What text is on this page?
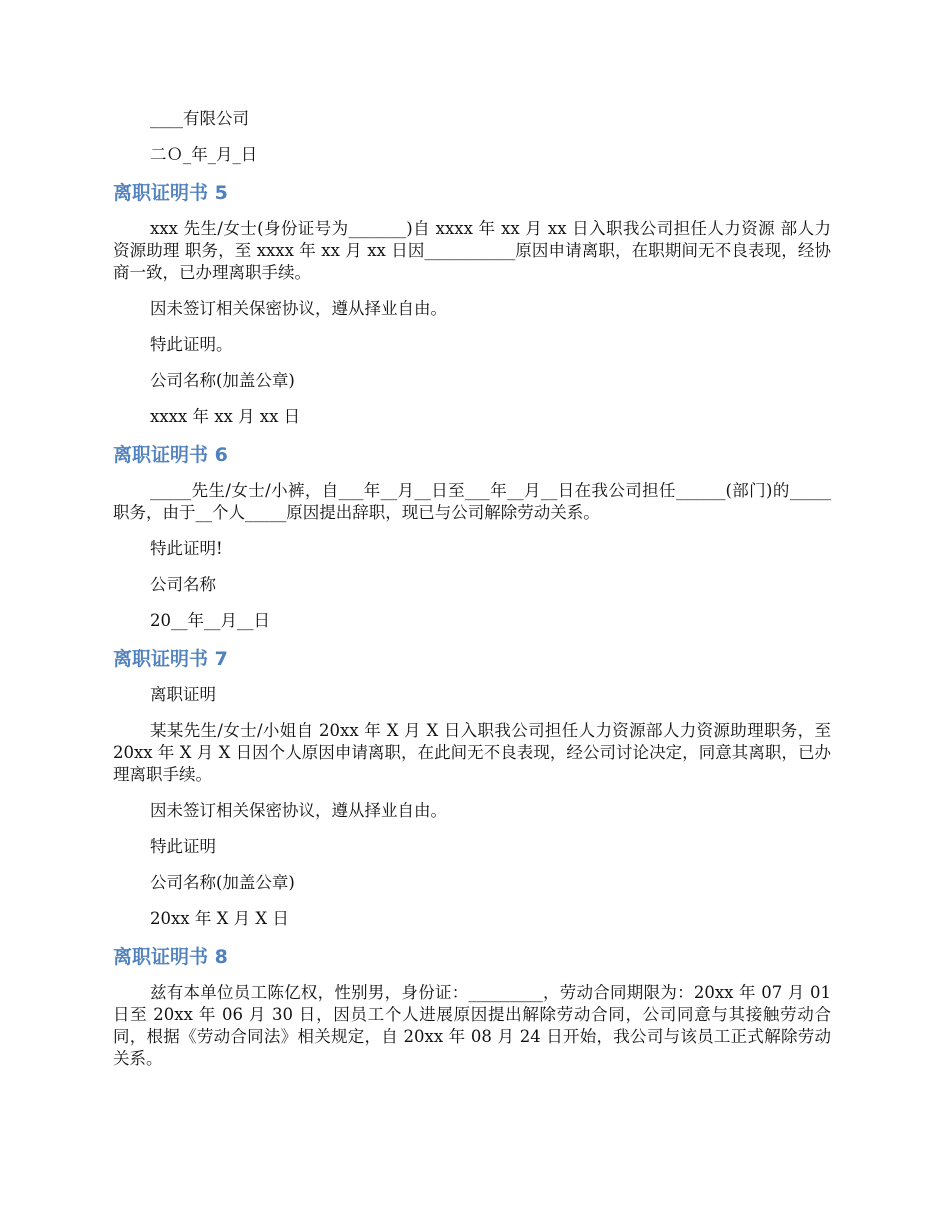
____有限公司

二Ｏ_年_月_日

离职证明书 5

xxx 先生/女士(身份证号为_______)自 xxxx 年 xx 月 xx 日入职我公司担任人力资源 部人力资源助理 职务，至 xxxx 年 xx 月 xx 日因___________原因申请离职，在职期间无不良表现，经协商一致，已办理离职手续。

因未签订相关保密协议，遵从择业自由。

特此证明。

公司名称(加盖公章)

xxxx 年 xx 月 xx 日

离职证明书 6

_____先生/女士/小裤，自___年__月__日至___年__月__日在我公司担任______(部门)的_____职务，由于__个人_____原因提出辞职，现已与公司解除劳动关系。

特此证明!

公司名称

20__年__月__日

离职证明书 7

离职证明

某某先生/女士/小姐自 20xx 年 X 月 X 日入职我公司担任人力资源部人力资源助理职务，至 20xx 年 X 月 X 日因个人原因申请离职，在此间无不良表现，经公司讨论决定，同意其离职，已办理离职手续。

因未签订相关保密协议，遵从择业自由。

特此证明

公司名称(加盖公章)

20xx 年 X 月 X 日

离职证明书 8

兹有本单位员工陈亿权，性别男，身份证：_________，劳动合同期限为：20xx 年 07 月 01 日至 20xx 年 06 月 30 日，因员工个人进展原因提出解除劳动合同，公司同意与其接触劳动合同，根据《劳动合同法》相关规定，自 20xx 年 08 月 24 日开始，我公司与该员工正式解除劳动关系。
